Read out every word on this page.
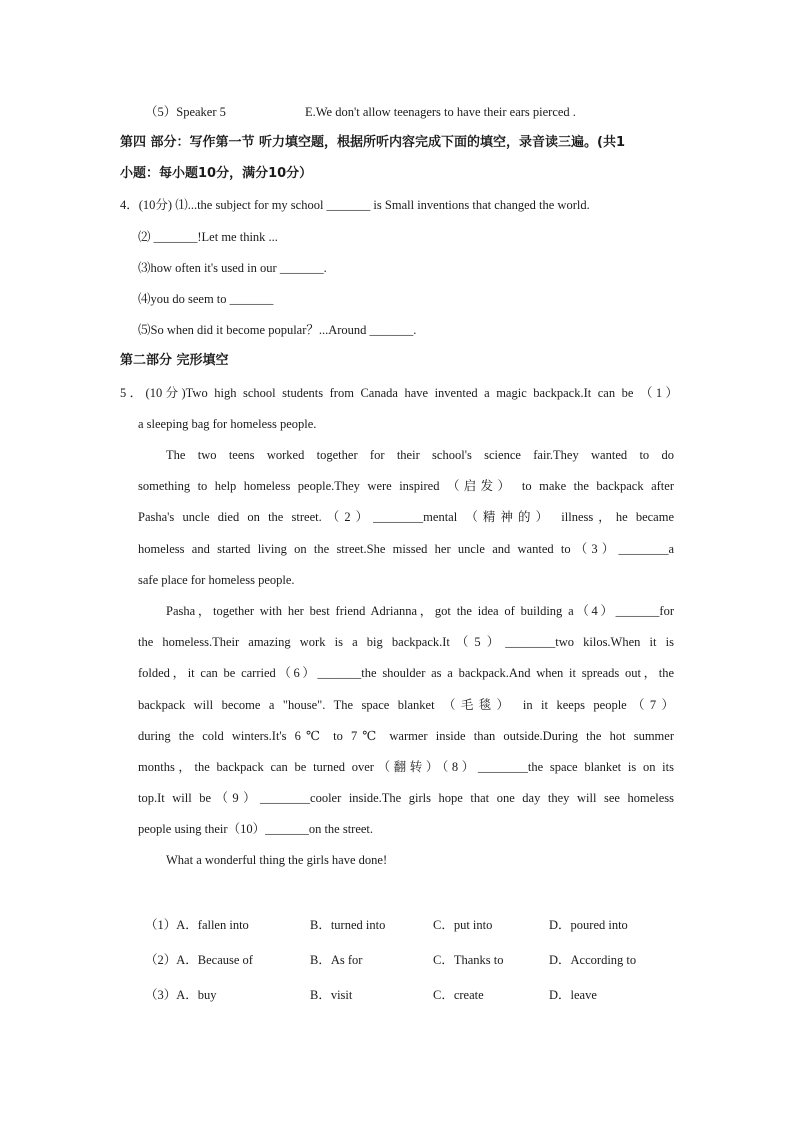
（5）Speaker 5	E.We don't allow teenagers to have their ears pierced .
第四 部分：写作第一节 听力填空题，根据所听内容完成下面的填空，录音读三遍。(共1
小题：每小题10分，满分10分）
4．(10分) ⑴...the subject for my school _______ is Small inventions that changed the world.
⑵ _______!Let me think ...
⑶how often it's used in our _______.
⑷you do seem to _______
⑸So when did it become popular？...Around _______.
第二部分 完形填空
5．(10分)Two high school students from Canada have invented a magic backpack.It can be （1）
a sleeping bag for homeless people.
The two teens worked together for their school's science fair.They wanted to do
something to help homeless people.They were inspired （启发） to make the backpack after
Pasha's uncle died on the street.（2）________mental （精神的） illness，he became
homeless and started living on the street.She missed her uncle and wanted to（3）________a
safe place for homeless people.
Pasha，together with her best friend Adrianna，got the idea of building a（4）_______for
the homeless.Their amazing work is a big backpack.It（5）________two kilos.When it is
folded，it can be carried（6）_______the shoulder as a backpack.And when it spreads out，the
backpack will become a "house". The space blanket （毛毯） in it keeps people（7）
during the cold winters.It's 6℃ to 7℃ warmer inside than outside.During the hot summer
months，the backpack can be turned over（翻转）（8）________the space blanket is on its
top.It will be（9）________cooler inside.The girls hope that one day they will see homeless
people using their（10）_______on the street.
What a wonderful thing the girls have done!
（1）A．fallen into	B．turned into	C．put into	D．poured into
（2）A．Because of	B．As for	C．Thanks to	D．According to
（3）A．buy	B．visit	C．create	D．leave
